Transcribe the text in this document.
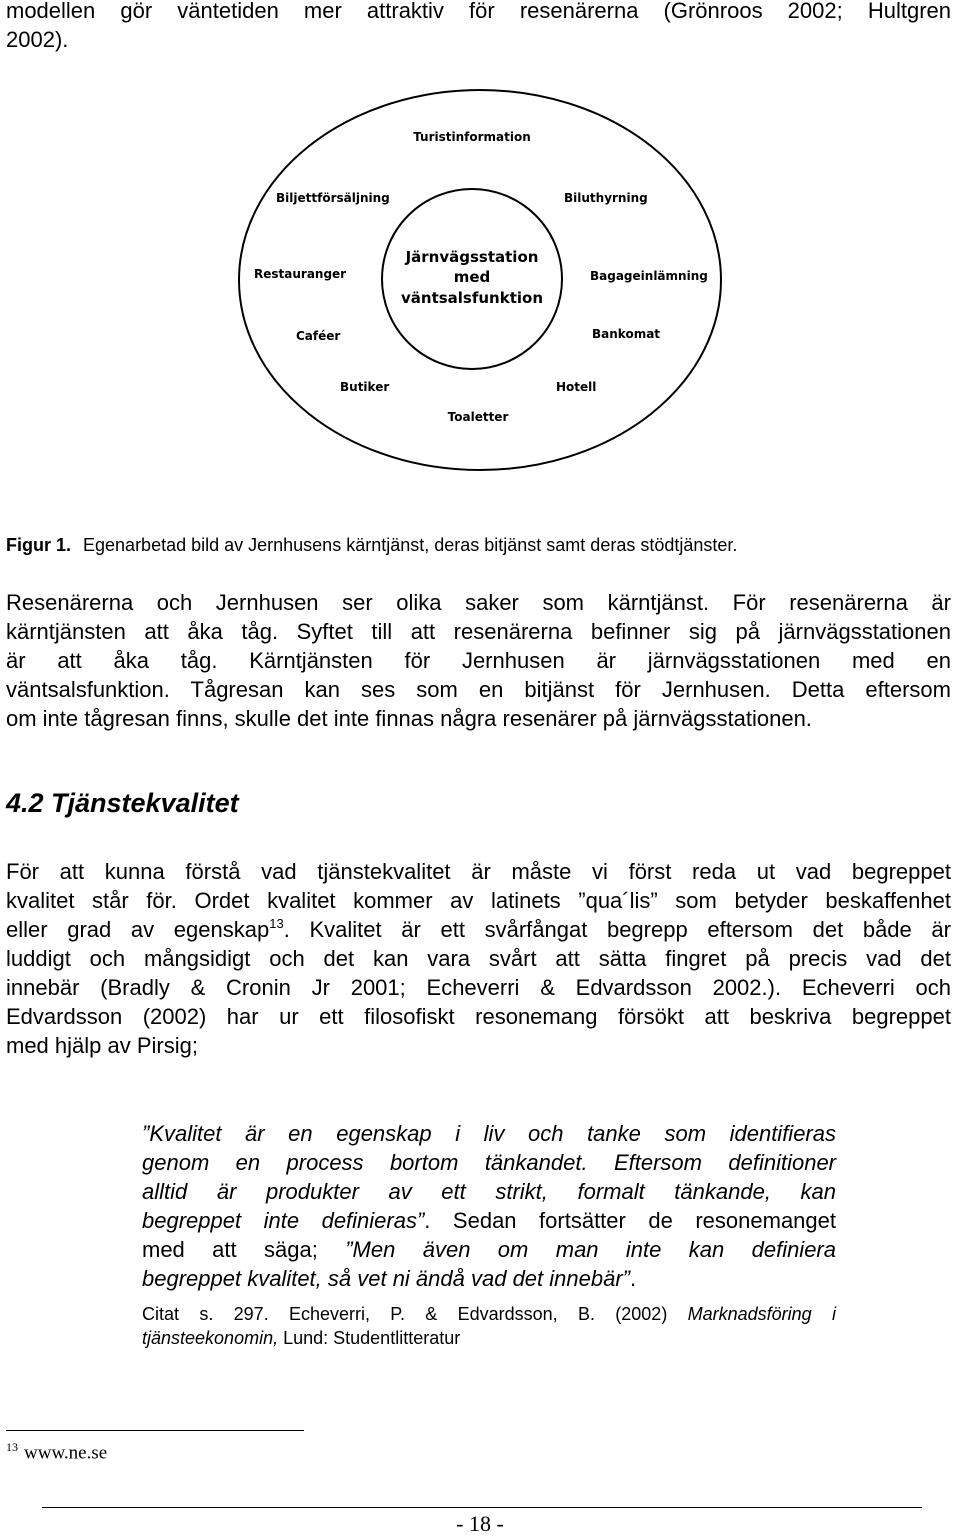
modellen gör väntetiden mer attraktiv för resenärerna (Grönroos 2002; Hultgren
2002).
Järnvägsstation
med
väntsalsfunktion
Turistinformation
Biljettförsäljning	Biluthyrning
Restauranger	Bagageinlämning
Caféer	Bankomat
Butiker	Hotell
Toaletter
Figur 1. Egenarbetad bild av Jernhusens kärntjänst, deras bitjänst samt deras stödtjänster.
Resenärerna och Jernhusen ser olika saker som kärntjänst. För resenärerna är
kärntjänsten att åka tåg. Syftet till att resenärerna befinner sig på järnvägsstationen
är att åka tåg. Kärntjänsten för Jernhusen är järnvägsstationen med en
väntsalsfunktion. Tågresan kan ses som en bitjänst för Jernhusen. Detta eftersom
om inte tågresan finns, skulle det inte finnas några resenärer på järnvägsstationen.
4.2 Tjänstekvalitet
För att kunna förstå vad tjänstekvalitet är måste vi först reda ut vad begreppet
kvalitet står för. Ordet kvalitet kommer av latinets ”qua´lis” som betyder beskaffenhet
eller grad av egenskap$^{13}$. Kvalitet är ett svårfångat begrepp eftersom det både är
luddigt och mångsidigt och det kan vara svårt att sätta fingret på precis vad det
innebär (Bradly & Cronin Jr 2001; Echeverri & Edvardsson 2002.). Echeverri och
Edvardsson (2002) har ur ett filosofiskt resonemang försökt att beskriva begreppet
med hjälp av Pirsig;
”Kvalitet är en egenskap i liv och tanke som identifieras
genom en process bortom tänkandet. Eftersom definitioner
alltid är produkter av ett strikt, formalt tänkande, kan
begreppet inte definieras”. Sedan fortsätter de resonemanget
med att säga; ”Men även om man inte kan definiera
begreppet kvalitet, så vet ni ändå vad det innebär”.
Citat s. 297. Echeverri, P. & Edvardsson, B. (2002) Marknadsföring i
tjänsteekonomin, Lund: Studentlitteratur
$^{13}$ www.ne.se
- 18 -
